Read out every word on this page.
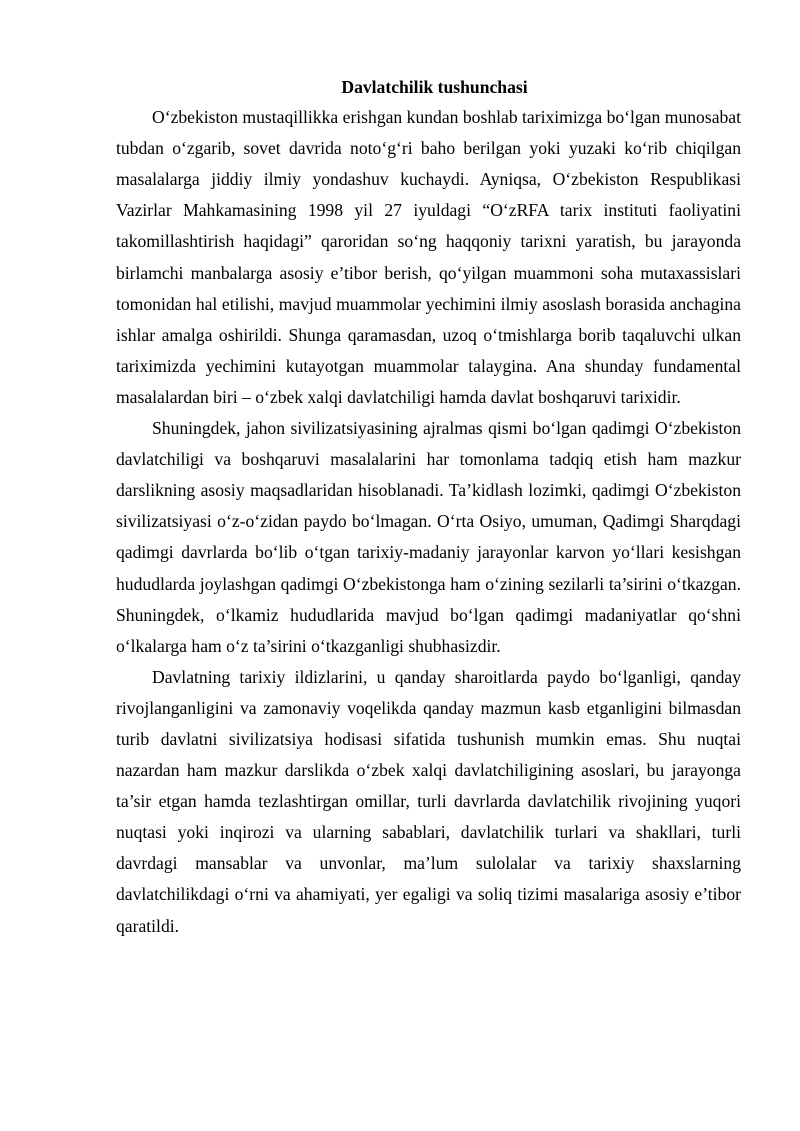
Davlatchilik tushunchasi

O‘zbekiston mustaqillikka erishgan kundan boshlab tariximizga bo‘lgan munosabat tubdan o‘zgarib, sovet davrida noto‘g‘ri baho berilgan yoki yuzaki ko‘rib chiqilgan masalalarga jiddiy ilmiy yondashuv kuchaydi. Ayniqsa, O‘zbekiston Respublikasi Vazirlar Mahkamasining 1998 yil 27 iyuldagi “O‘zRFA tarix instituti faoliyatini takomillashtirish haqidagi” qaroridan so‘ng haqqoniy tarixni yaratish, bu jarayonda birlamchi manbalarga asosiy e’tibor berish, qo‘yilgan muammoni soha mutaxassislari tomonidan hal etilishi, mavjud muammolar yechimini ilmiy asoslash borasida anchagina ishlar amalga oshirildi. Shunga qaramasdan, uzoq o‘tmishlarga borib taqaluvchi ulkan tariximizda yechimini kutayotgan muammolar talaygina. Ana shunday fundamental masalalardan biri – o‘zbek xalqi davlatchiligi hamda davlat boshqaruvi tarixidir.

Shuningdek, jahon sivilizatsiyasining ajralmas qismi bo‘lgan qadimgi O‘zbekiston davlatchiligi va boshqaruvi masalalarini har tomonlama tadqiq etish ham mazkur darslikning asosiy maqsadlaridan hisoblanadi. Ta’kidlash lozimki, qadimgi O‘zbekiston sivilizatsiyasi o‘z-o‘zidan paydo bo‘lmagan. O‘rta Osiyo, umuman, Qadimgi Sharqdagi qadimgi davrlarda bo‘lib o‘tgan tarixiy-madaniy jarayonlar karvon yo‘llari kesishgan hududlarda joylashgan qadimgi O‘zbekistonga ham o‘zining sezilarli ta’sirini o‘tkazgan. Shuningdek, o‘lkamiz hududlarida mavjud bo‘lgan qadimgi madaniyatlar qo‘shni o‘lkalarga ham o‘z ta’sirini o‘tkazganligi shubhasizdir.

Davlatning tarixiy ildizlarini, u qanday sharoitlarda paydo bo‘lganligi, qanday rivojlanganligini va zamonaviy voqelikda qanday mazmun kasb etganligini bilmasdan turib davlatni sivilizatsiya hodisasi sifatida tushunish mumkin emas. Shu nuqtai nazardan ham mazkur darslikda o‘zbek xalqi davlatchiligining asoslari, bu jarayonga ta’sir etgan hamda tezlashtirgan omillar, turli davrlarda davlatchilik rivojining yuqori nuqtasi yoki inqirozi va ularning sabablari, davlatchilik turlari va shakllari, turli davrdagi mansablar va unvonlar, ma’lum sulolalar va tarixiy shaxslarning davlatchilikdagi o‘rni va ahamiyati, yer egaligi va soliq tizimi masalariga asosiy e’tibor qaratildi.
